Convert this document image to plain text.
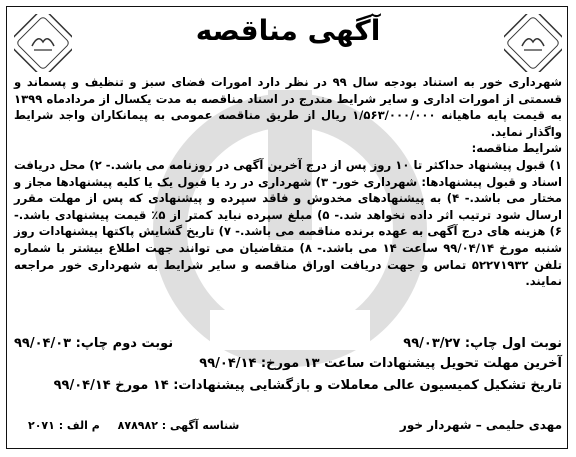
آگهی مناقصه

شهرداری خور به استناد بودجه سال ۹۹ در نظر دارد امورات فضای سبز و تنظیف و پسماند و قسمتی از امورات اداری و سایر شرایط مندرج در اسناد مناقصه به مدت یکسال از مردادماه ۱۳۹۹ به قیمت پایه ماهیانه ۱/۵۶۳/۰۰۰/۰۰۰ ریال از طریق مناقصه عمومی به پیمانکاران واجد شرایط واگذار نماید.

شرایط مناقصه:

۱) قبول پیشنهاد حداکثر تا ۱۰ روز پس از درج آخرین آگهی در روزنامه می باشد.- ۲) محل دریافت اسناد و قبول پیشنهادها: شهرداری خور- ۳) شهرداری در رد یا قبول یک یا کلیه پیشنهادها مجاز و مختار می باشد.- ۴) به پیشنهادهای مخدوش و فاقد سپرده و پیشنهادی که پس از مهلت مقرر ارسال شود ترتیب اثر داده نخواهد شد.- ۵) مبلغ سپرده نباید کمتر از ۵٪ قیمت پیشنهادی باشد.- ۶) هزینه های درج آگهی به عهده برنده مناقصه می باشد.- ۷) تاریخ گشایش پاکتها پیشنهادات روز شنبه مورخ ۹۹/۰۴/۱۴ ساعت ۱۴ می باشد.- ۸) متقاضیان می توانند جهت اطلاع بیشتر با شماره تلفن ۵۲۲۷۱۹۳۲ تماس و جهت دریافت اوراق مناقصه و سایر شرایط به شهرداری خور مراجعه نمایند.

نوبت اول چاپ: ۹۹/۰۳/۲۷
نوبت دوم چاپ: ۹۹/۰۴/۰۳
آخرین مهلت تحویل پیشنهادات ساعت ۱۳ مورخ: ۹۹/۰۴/۱۴
تاریخ تشکیل کمیسیون عالی معاملات و بازگشایی پیشنهادات: ۱۴ مورخ ۹۹/۰۴/۱۴
مهدی حلیمی – شهردار خور
شناسه آگهی : ۸۷۸۹۸۲ م الف : ۲۰۷۱
